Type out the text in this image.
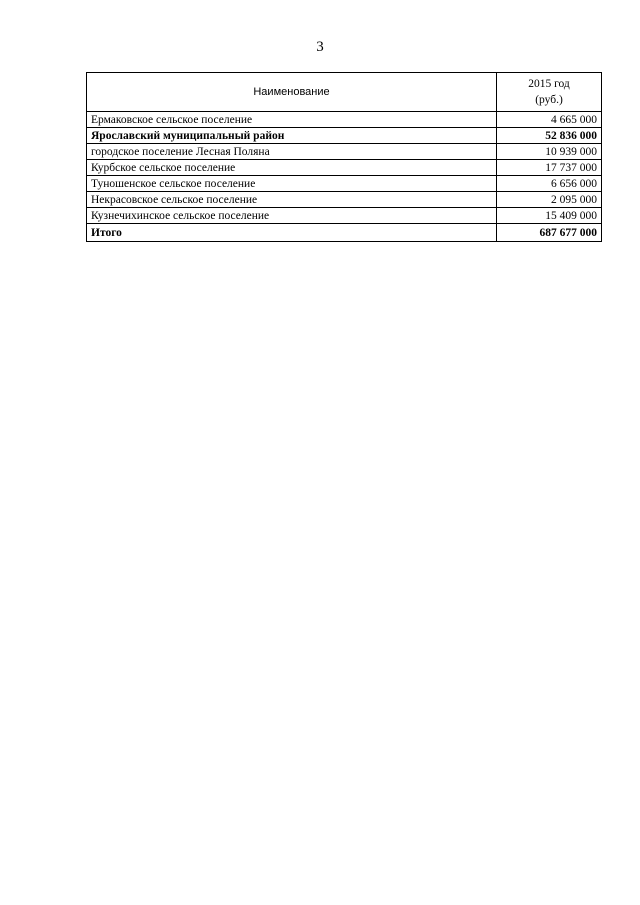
3
Наименование	2015 год
(руб.)

Ермаковское сельское поселение	4 665 000
Ярославский муниципальный район	52 836 000
городское поселение Лесная Поляна	10 939 000
Курбское сельское поселение	17 737 000
Туношенское сельское поселение	6 656 000
Некрасовское сельское поселение	2 095 000
Кузнечихинское сельское поселение	15 409 000
Итого	687 677 000
